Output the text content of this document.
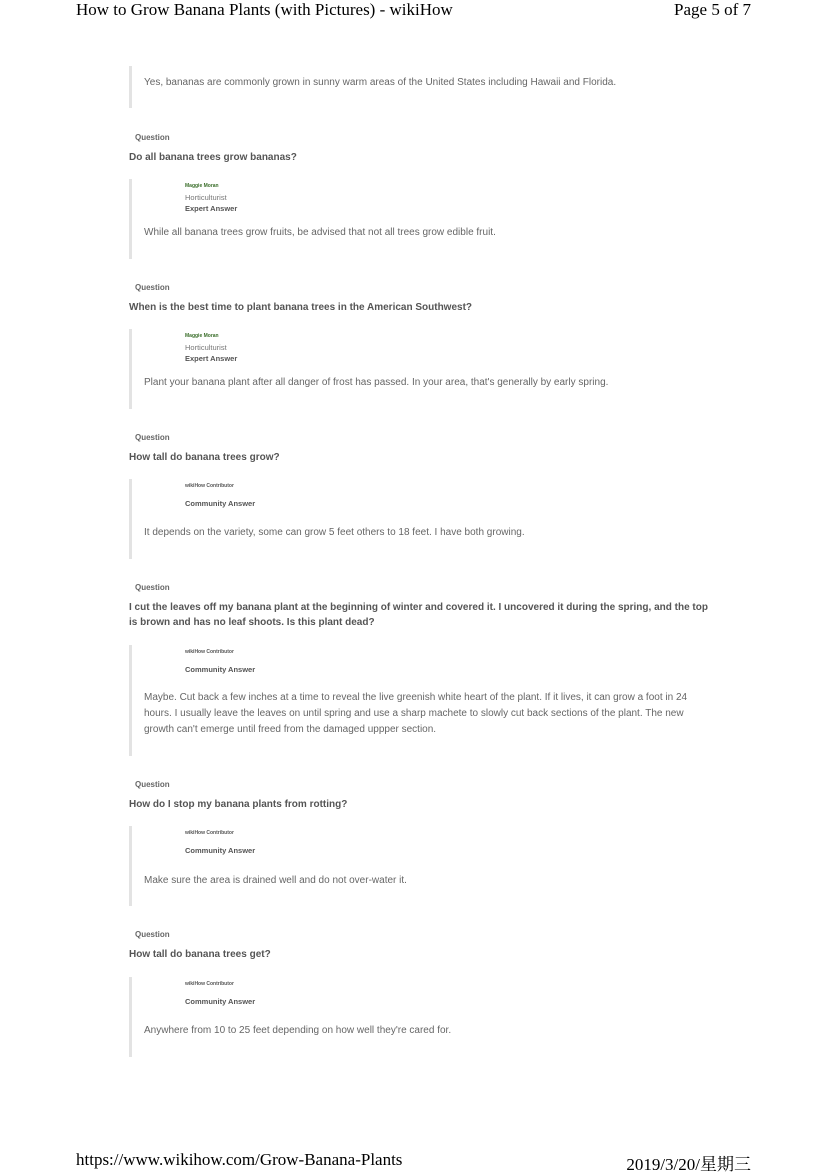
How to Grow Banana Plants (with Pictures) - wikiHow	Page 5 of 7
Yes, bananas are commonly grown in sunny warm areas of the United States including Hawaii and Florida.
Question
Do all banana trees grow bananas?
Maggie Moran
Horticulturist
Expert Answer
While all banana trees grow fruits, be advised that not all trees grow edible fruit.
Question
When is the best time to plant banana trees in the American Southwest?
Maggie Moran
Horticulturist
Expert Answer
Plant your banana plant after all danger of frost has passed. In your area, that's generally by early spring.
Question
How tall do banana trees grow?
wikiHow Contributor
Community Answer
It depends on the variety, some can grow 5 feet others to 18 feet. I have both growing.
Question
I cut the leaves off my banana plant at the beginning of winter and covered it. I uncovered it during the spring, and the top is brown and has no leaf shoots. Is this plant dead?
wikiHow Contributor
Community Answer
Maybe. Cut back a few inches at a time to reveal the live greenish white heart of the plant. If it lives, it can grow a foot in 24 hours. I usually leave the leaves on until spring and use a sharp machete to slowly cut back sections of the plant. The new growth can't emerge until freed from the damaged uppper section.
Question
How do I stop my banana plants from rotting?
wikiHow Contributor
Community Answer
Make sure the area is drained well and do not over-water it.
Question
How tall do banana trees get?
wikiHow Contributor
Community Answer
Anywhere from 10 to 25 feet depending on how well they're cared for.
https://www.wikihow.com/Grow-Banana-Plants	2019/3/20/星期三
